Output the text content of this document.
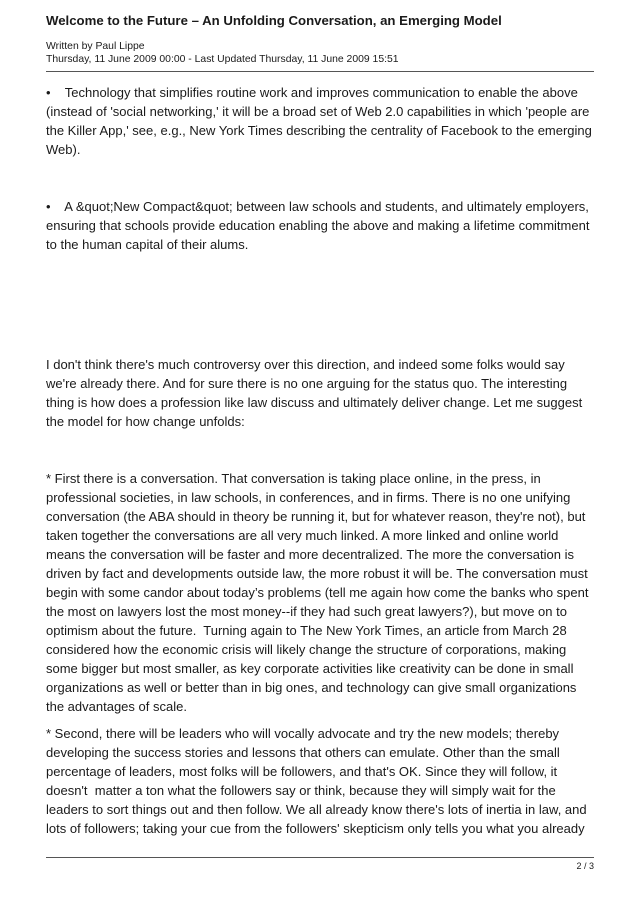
Welcome to the Future – An Unfolding Conversation, an Emerging Model
Written by Paul Lippe
Thursday, 11 June 2009 00:00 - Last Updated Thursday, 11 June 2009 15:51

•    Technology that simplifies routine work and improves communication to enable the above (instead of 'social networking,' it will be a broad set of Web 2.0 capabilities in which 'people are the Killer App,' see, e.g., New York Times describing the centrality of Facebook to the emerging Web).

•    A &quot;New Compact&quot; between law schools and students, and ultimately employers, ensuring that schools provide education enabling the above and making a lifetime commitment to the human capital of their alums.

I don't think there's much controversy over this direction, and indeed some folks would say we're already there. And for sure there is no one arguing for the status quo. The interesting thing is how does a profession like law discuss and ultimately deliver change. Let me suggest the model for how change unfolds:

* First there is a conversation. That conversation is taking place online, in the press, in professional societies, in law schools, in conferences, and in firms. There is no one unifying conversation (the ABA should in theory be running it, but for whatever reason, they're not), but taken together the conversations are all very much linked. A more linked and online world means the conversation will be faster and more decentralized. The more the conversation is driven by fact and developments outside law, the more robust it will be. The conversation must begin with some candor about today’s problems (tell me again how come the banks who spent the most on lawyers lost the most money--if they had such great lawyers?), but move on to optimism about the future.  Turning again to The New York Times, an article from March 28 considered how the economic crisis will likely change the structure of corporations, making some bigger but most smaller, as key corporate activities like creativity can be done in small organizations as well or better than in big ones, and technology can give small organizations the advantages of scale.

* Second, there will be leaders who will vocally advocate and try the new models; thereby developing the success stories and lessons that others can emulate. Other than the small percentage of leaders, most folks will be followers, and that's OK. Since they will follow, it doesn't  matter a ton what the followers say or think, because they will simply wait for the leaders to sort things out and then follow. We all already know there's lots of inertia in law, and lots of followers; taking your cue from the followers' skepticism only tells you what you already

2 / 3
